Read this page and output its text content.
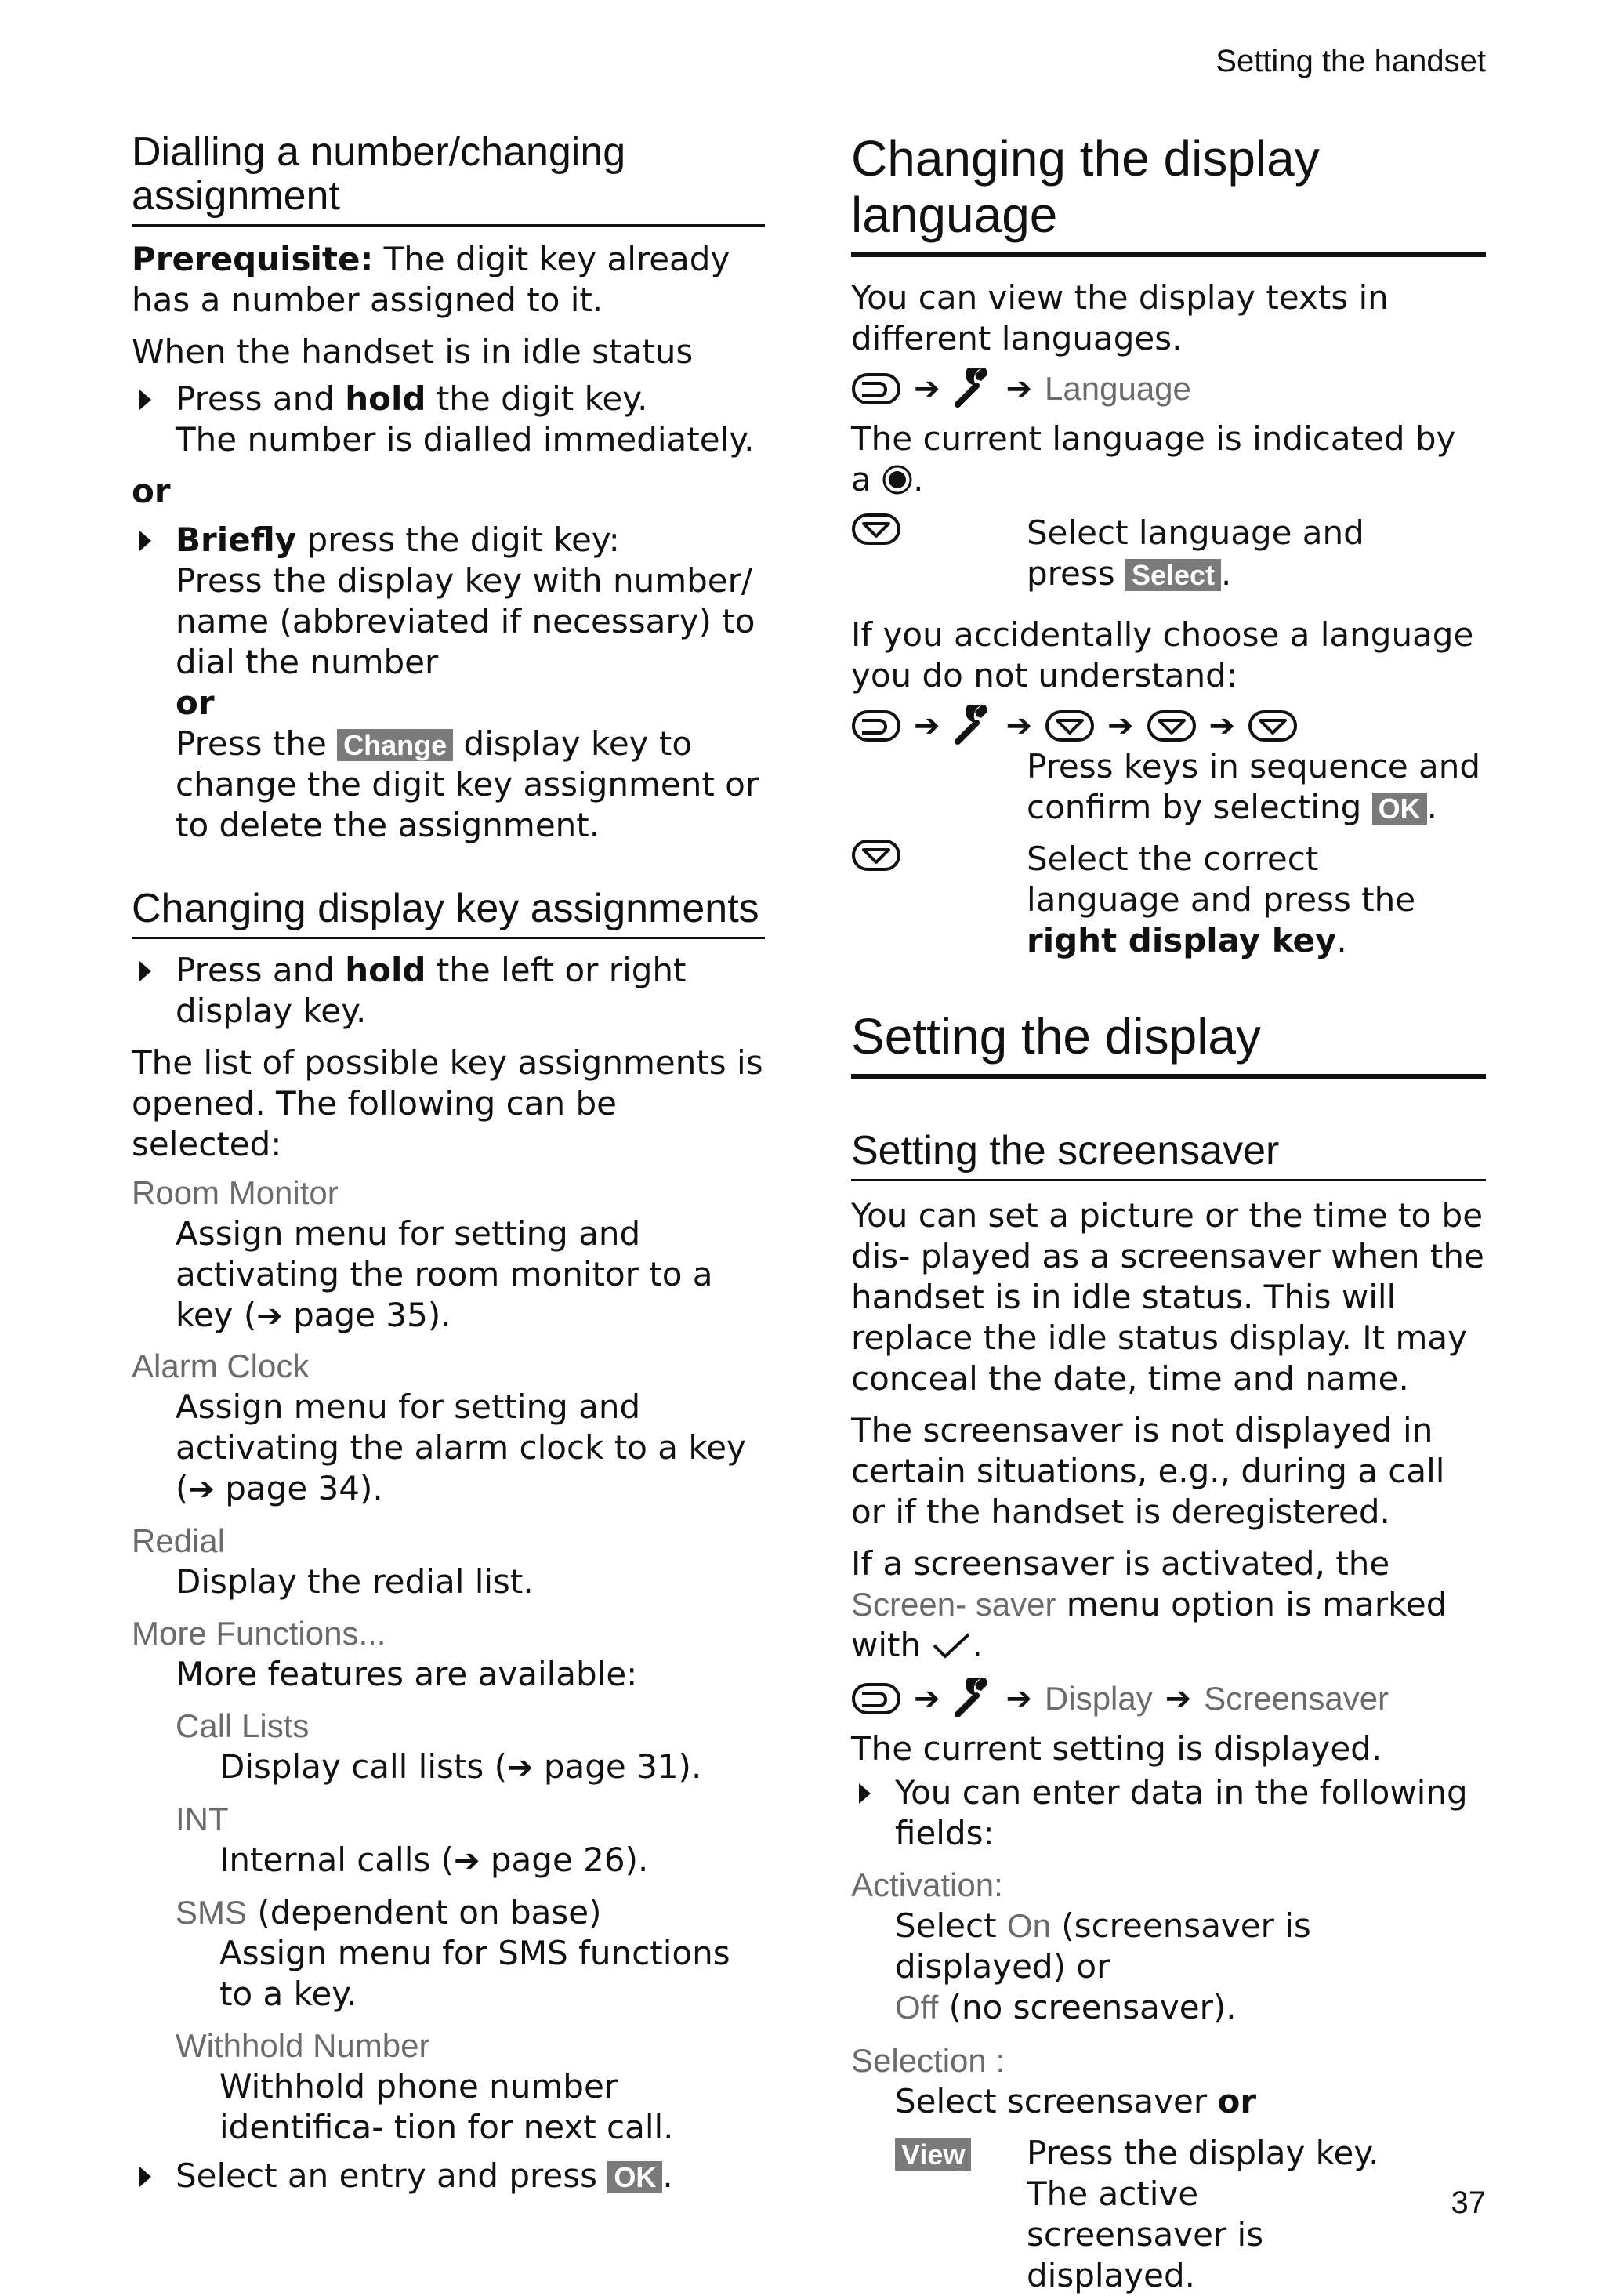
Setting the handset
Dialling a number/changing assignment

Prerequisite: The digit key already has a number assigned to it.

When the handset is in idle status

Press and hold the digit key.
The number is dialled immediately.

or

Briefly press the digit key:

Press the display key with number/ name (abbreviated if necessary) to dial the number
or
Press the Change display key to change the digit key assignment or to delete the assignment.
Changing display key assignments
Press and hold the left or right display key.

The list of possible key assignments is opened. The following can be selected:

Room Monitor

Assign menu for setting and activating the room monitor to a key (➔ page 35).

Alarm Clock

Assign menu for setting and activating the alarm clock to a key (➔ page 34).

Redial

Display the redial list.

More Functions...

More features are available:

Call Lists

Display call lists (➔ page 31).

INT

Internal calls (➔ page 26).
SMS (dependent on base)

Assign menu for SMS functions to a key.

Withhold Number

Withhold phone number identifica- tion for next call.

Select an entry and press OK .
Changing the display language

You can view the display texts in different languages.

➔ ➔ Language
The current language is indicated by a .
Select language and
press Select .

If you accidentally choose a language you do not understand:

➔ ➔ ➔ ➔
Press keys in sequence and confirm by selecting OK .
Select the correct language and press the right display key.
Setting the display
Setting the screensaver

You can set a picture or the time to be dis- played as a screensaver when the handset is in idle status. This will replace the idle status display. It may conceal the date, time and name.

The screensaver is not displayed in certain situations, e.g., during a call or if the handset is deregistered.

If a screensaver is activated, the Screen- saver menu option is marked with .
➔ ➔ Display ➔ Screensaver

The current setting is displayed.

You can enter data in the following fields:

Activation:

Select On (screensaver is displayed) or
Off (no screensaver).

Selection :

Select screensaver or
View	Press the display key.

The active screensaver is displayed.
37
